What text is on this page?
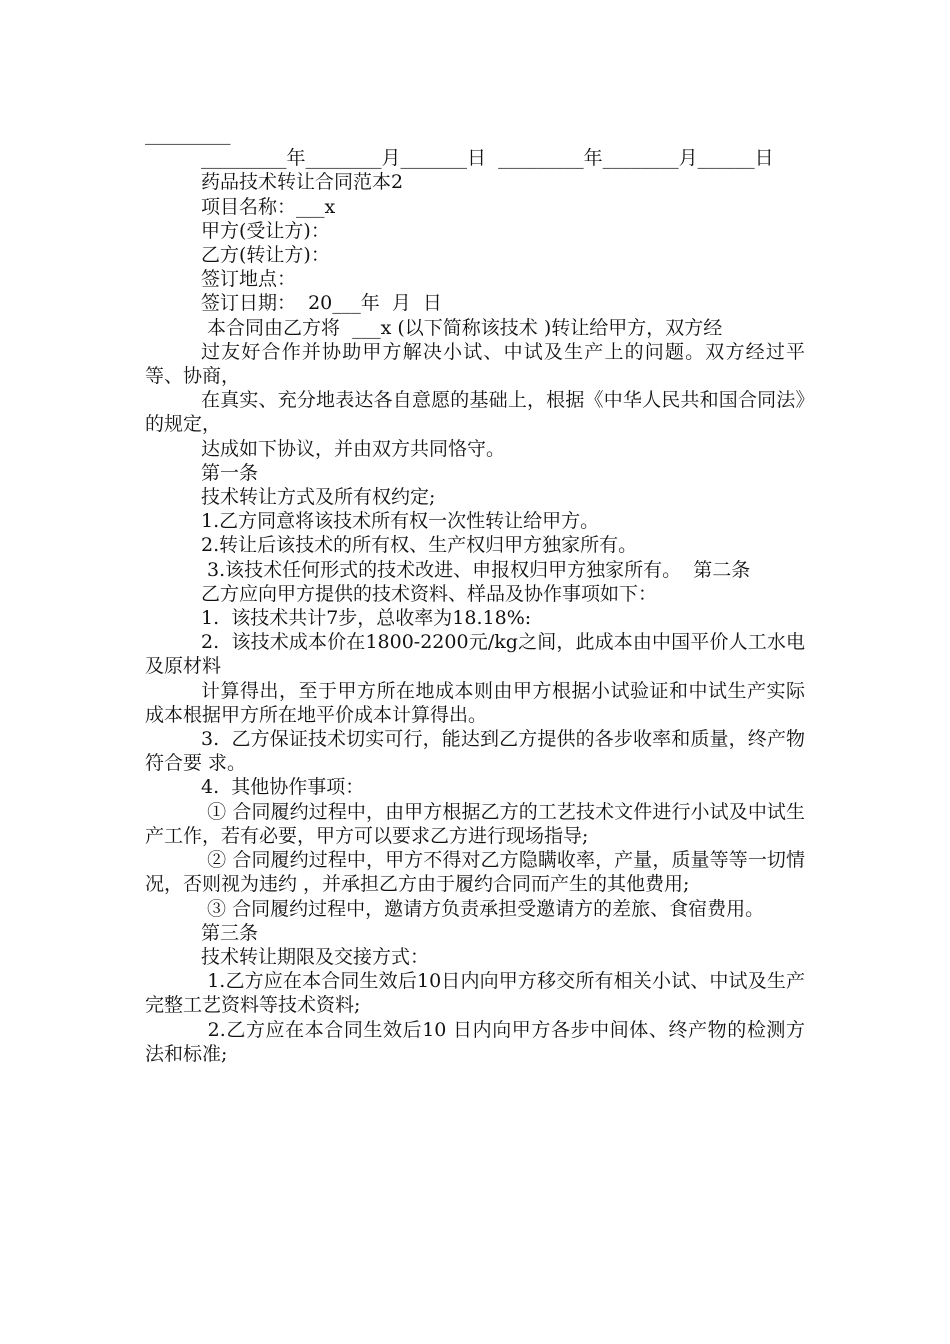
_________

_________年________月_______日  _________年________月______日

药品技术转让合同范本2

项目名称：___x

甲方(受让方)：

乙方(转让方)：

签订地点：

签订日期：  20___年  月  日

本合同由乙方将  ___x (以下简称该技术 )转让给甲方，双方经

过友好合作并协助甲方解决小试、中试及生产上的问题。双方经过平等、协商，

在真实、充分地表达各自意愿的基础上，根据《中华人民共和国合同法》的规定，

达成如下协议，并由双方共同恪守。

第一条

技术转让方式及所有权约定;

1.乙方同意将该技术所有权一次性转让给甲方。

2.转让后该技术的所有权、生产权归甲方独家所有。

3.该技术任何形式的技术改进、申报权归甲方独家所有。  第二条

乙方应向甲方提供的技术资料、样品及协作事项如下：

1.  该技术共计7步，总收率为18.18%:

2.  该技术成本价在1800-2200元/kg之间，此成本由中国平价人工水电及原材料

计算得出，至于甲方所在地成本则由甲方根据小试验证和中试生产实际成本根据甲方所在地平价成本计算得出。

3.  乙方保证技术切实可行，能达到乙方提供的各步收率和质量，终产物符合要 求。

4.  其他协作事项：

① 合同履约过程中，由甲方根据乙方的工艺技术文件进行小试及中试生产工作，若有必要，甲方可以要求乙方进行现场指导;

② 合同履约过程中，甲方不得对乙方隐瞒收率，产量，质量等等一切情况，否则视为违约 ，并承担乙方由于履约合同而产生的其他费用;

③ 合同履约过程中，邀请方负责承担受邀请方的差旅、食宿费用。

第三条

技术转让期限及交接方式：

1.乙方应在本合同生效后10日内向甲方移交所有相关小试、中试及生产完整工艺资料等技术资料;

2.乙方应在本合同生效后10 日内向甲方各步中间体、终产物的检测方法和标准;
